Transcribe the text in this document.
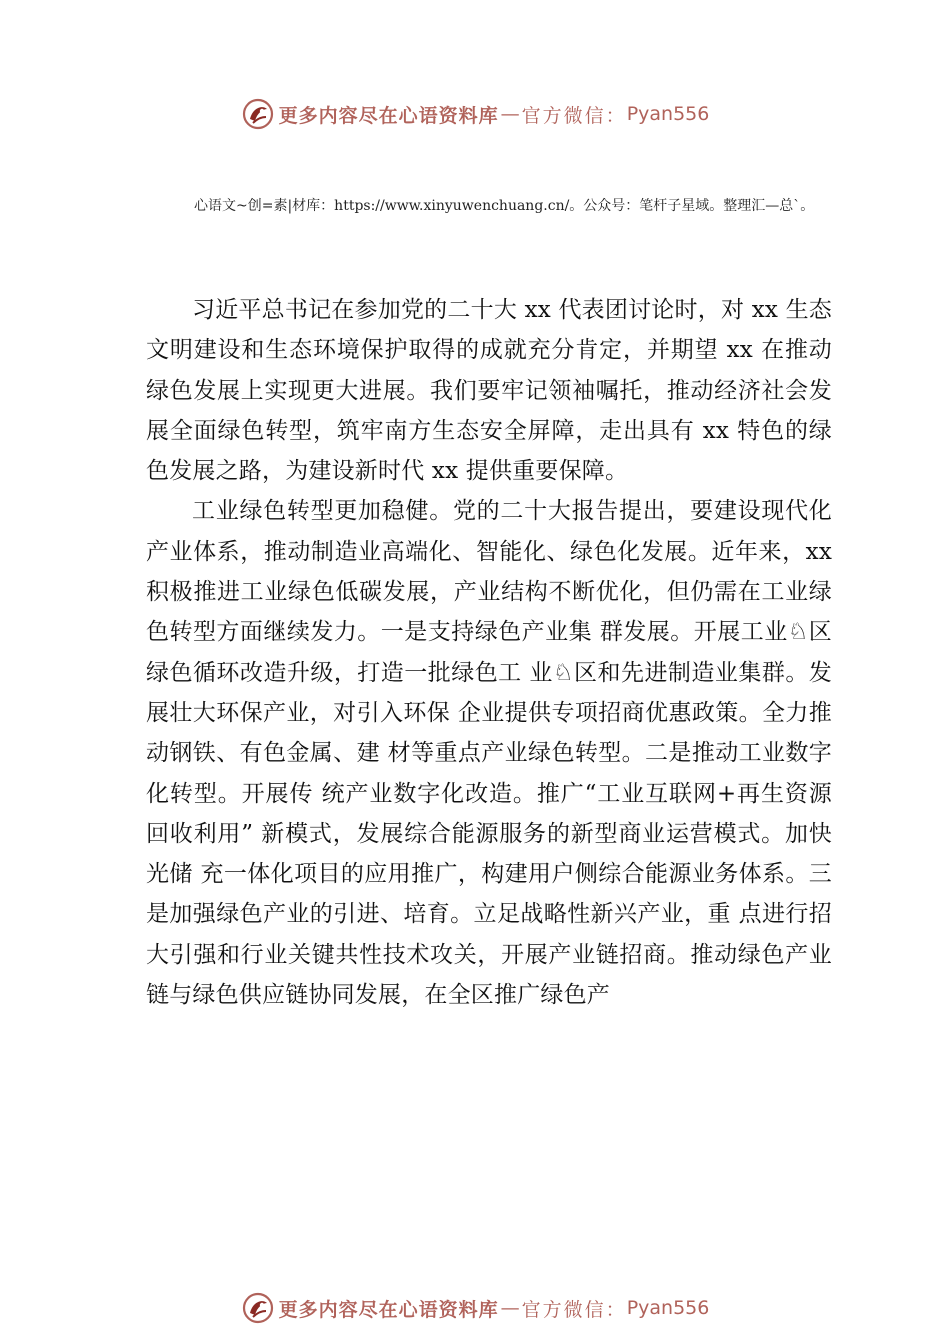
更多内容尽在心语资料库 — 官方微信： Pyan556
心语文~创=素|材库：https://www.xinyuwenchuang.cn/。公众号：笔杆子星域。整理汇—总`。

习近平总书记在参加党的二十大 xx 代表团讨论时，对 xx 生态文明建设和生态环境保护取得的成就充分肯定，并期望 xx 在推动绿色发展上实现更大进展。我们要牢记领袖嘱托，推动经济社会发展全面绿色转型，筑牢南方生态安全屏障，走出具有 xx 特色的绿色发展之路，为建设新时代 xx 提供重要保障。

工业绿色转型更加稳健。党的二十大报告提出，要建设现代化产业体系，推动制造业高端化、智能化、绿色化发展。近年来，xx 积极推进工业绿色低碳发展，产业结构不断优化，但仍需在工业绿色转型方面继续发力。一是支持绿色产业集 群发展。开展工业♘区绿色循环改造升级，打造一批绿色工 业♘区和先进制造业集群。发展壮大环保产业，对引入环保 企业提供专项招商优惠政策。全力推动钢铁、有色金属、建 材等重点产业绿色转型。二是推动工业数字化转型。开展传 统产业数字化改造。推广“工业互联网+再生资源回收利用” 新模式，发展综合能源服务的新型商业运营模式。加快光储 充一体化项目的应用推广，构建用户侧综合能源业务体系。三是加强绿色产业的引进、培育。立足战略性新兴产业，重 点进行招大引强和行业关键共性技术攻关，开展产业链招商。推动绿色产业链与绿色供应链协同发展，在全区推广绿色产

更多内容尽在心语资料库 — 官方微信： Pyan556
